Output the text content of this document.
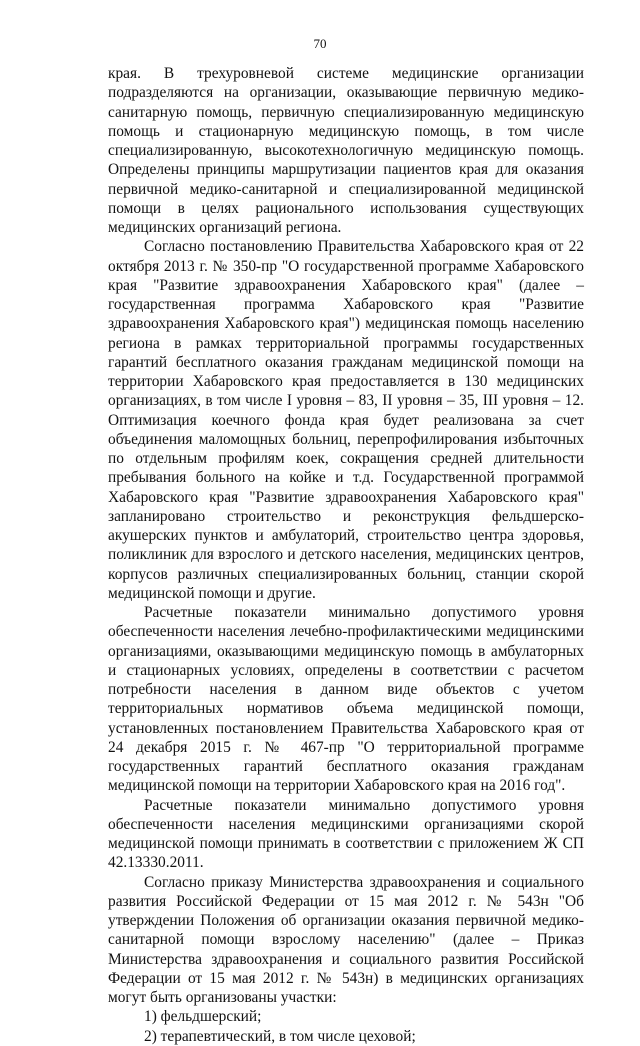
70

края. В трехуровневой системе медицинские организации подразделяются на организации, оказывающие первичную медико-санитарную помощь, первичную специализированную медицинскую помощь и стационарную медицинскую помощь, в том числе специализированную, высокотехнологичную медицинскую помощь. Определены принципы маршрутизации пациентов края для оказания первичной медико-санитарной и специализированной медицинской помощи в целях рационального использования существующих медицинских организаций региона.

Согласно постановлению Правительства Хабаровского края от 22 октября 2013 г. № 350-пр "О государственной программе Хабаровского края "Развитие здравоохранения Хабаровского края" (далее – государственная программа Хабаровского края "Развитие здравоохранения Хабаровского края") медицинская помощь населению региона в рамках территориальной программы государственных гарантий бесплатного оказания гражданам медицинской помощи на территории Хабаровского края предоставляется в 130 медицинских организациях, в том числе I уровня – 83, II уровня – 35, III уровня – 12. Оптимизация коечного фонда края будет реализована за счет объединения маломощных больниц, перепрофилирования избыточных по отдельным профилям коек, сокращения средней длительности пребывания больного на койке и т.д. Государственной программой Хабаровского края "Развитие здравоохранения Хабаровского края" запланировано строительство и реконструкция фельдшерско-акушерских пунктов и амбулаторий, строительство центра здоровья, поликлиник для взрослого и детского населения, медицинских центров, корпусов различных специализированных больниц, станции скорой медицинской помощи и другие.

Расчетные показатели минимально допустимого уровня обеспеченности населения лечебно-профилактическими медицинскими организациями, оказывающими медицинскую помощь в амбулаторных и стационарных условиях, определены в соответствии с расчетом потребности населения в данном виде объектов с учетом территориальных нормативов объема медицинской помощи, установленных постановлением Правительства Хабаровского края от 24 декабря 2015 г. № 467-пр "О территориальной программе государственных гарантий бесплатного оказания гражданам медицинской помощи на территории Хабаровского края на 2016 год".

Расчетные показатели минимально допустимого уровня обеспеченности населения медицинскими организациями скорой медицинской помощи принимать в соответствии с приложением Ж СП 42.13330.2011.

Согласно приказу Министерства здравоохранения и социального развития Российской Федерации от 15 мая 2012 г. № 543н "Об утверждении Положения об организации оказания первичной медико-санитарной помощи взрослому населению" (далее – Приказ Министерства здравоохранения и социального развития Российской Федерации от 15 мая 2012 г. № 543н) в медицинских организациях могут быть организованы участки:

1) фельдшерский;

2) терапевтический, в том числе цеховой;
